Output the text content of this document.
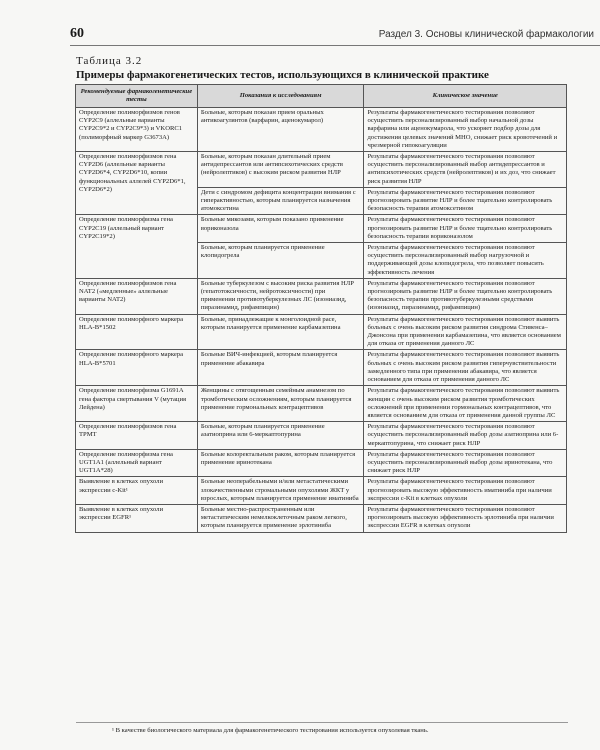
60	Раздел 3. Основы клинической фармакологии
Таблица 3.2
Примеры фармакогенетических тестов, использующихся в клинической практике
Рекомендуемые фармакогенетические тесты	Показания к исследованиям	Клиническое значение
Определение полиморфизмов генов CYP2C9 (аллельные варианты CYP2C9*2 и CYP2C9*3) и VKORC1 (полиморфный маркер G3673A)	Больные, которым показан прием оральных антикоагулянтов (варфарин, аценокумарол)	Результаты фармакогенетического тестирования позволяют осуществить персонализированный выбор начальной дозы варфарина или аценокумарола, что ускоряет подбор дозы для достижения целевых значений МНО, снижает риск кровотечений и чрезмерной гипокоагуляции
Определение полиморфизмов гена CYP2D6 (аллельные варианты CYP2D6*4, CYP2D6*10, копии функциональных аллелей CYP2D6*1, CYP2D6*2)	Больные, которым показан длительный прием антидепрессантов или антипсихотических средств (нейролептиков) с высоким риском развития НЛР	Результаты фармакогенетического тестирования позволяют осуществить персонализированный выбор антидепрессантов и антипсихотических средств (нейролептиков) и их доз, что снижает риск развития НЛР
	Дети с синдромом дефицита концентрации внимания с гиперактивностью, которым планируется назначения атомоксетина	Результаты фармакогенетического тестирования позволяют прогнозировать развитие НЛР и более тщательно контролировать безопасность терапии атомоксетином
Определение полиморфизма гена CYP2C19 (аллельный вариант CYP2C19*2)	Больные микозами, которым показано применение вориконазола	Результаты фармакогенетического тестирования позволяют прогнозировать развитие НЛР и более тщательно контролировать безопасность терапии вориконазолом
	Больные, которым планируется применение клопидогрела	Результаты фармакогенетического тестирования позволяют осуществить персонализированный выбор нагрузочной и поддерживающей дозы клопидогрела, что позволяет повысить эффективность лечения
Определение полиморфизмов гена NAT2 («медленные» аллельные варианты NAT2)	Больные туберкулезом с высоким риска развития НЛР (гепатотоксичности, нейротоксичности) при применении противотуберкулезных ЛС (изониазид, пиразинамид, рифампицин)	Результаты фармакогенетического тестирования позволяют прогнозировать развитие НЛР и более тщательно контролировать безопасность терапии противотуберкулезными средствами (изониазид, пиразинамид, рифампицин)
Определение полиморфного маркера HLA-B*1502	Больные, принадлежащие к монголоидной расе, которым планируется применение карбамазепина	Результаты фармакогенетического тестирования позволяют выявить больных с очень высоким риском развития синдрома Стивенса–Джонсона при применении карбамазепина, что является основанием для отказа от применения данного ЛС
Определение полиморфного маркера HLA-B*5701	Больные ВИЧ-инфекцией, которым планируется применение абакавира	Результаты фармакогенетического тестирования позволяют выявить больных с очень высоким риском развития гиперчувствительности замедленного типа при применении абакавира, что является основанием для отказа от применения данного ЛС
Определение полиморфизма G1691A гена фактора свертывания V (мутация Лейдена)	Женщины с отягощенным семейным анамнезом по тромботическим осложнениям, которым планируется применение гормональных контрацептивов	Результаты фармакогенетического тестирования позволяют выявить женщин с очень высоким риском развития тромботических осложнений при применении гормональных контрацептивов, что является основанием для отказа от применения данной группы ЛС
Определение полиморфизмов гена TPMT	Больные, которым планируется применение азатиоприна или 6-меркаптопурина	Результаты фармакогенетического тестирования позволяют осуществить персонализированный выбор дозы азатиоприна или 6-меркаптопурина, что снижает риск НЛР
Определение полиморфизма гена UGT1A1 (аллельный вариант UGT1A*28)	Больные колоректальным раком, которым планируется применение иринотекана	Результаты фармакогенетического тестирования позволяют осуществить персонализированный выбор дозы иринотекана, что снижает риск НЛР
Выявление в клетках опухоли экспрессии c-Kit¹	Больные неоперабельными и/или метастатическими злокачественными стромальными опухолями ЖКТ у взрослых, которым планируется применение иматиниба	Результаты фармакогенетического тестирования позволяют прогнозировать высокую эффективность иматиниба при наличии экспрессии c-Kit в клетках опухоли
Выявление в клетках опухоли экспрессии EGFR¹	Больные местно-распространенным или метастатическим немелкоклеточным раком легкого, которым планируется применение эрлотиниба	Результаты фармакогенетического тестирования позволяют прогнозировать высокую эффективность эрлотиниба при наличии экспрессии EGFR в клетках опухоли
¹ В качестве биологического материала для фармакогенетического тестирования используется опухолевая ткань.
